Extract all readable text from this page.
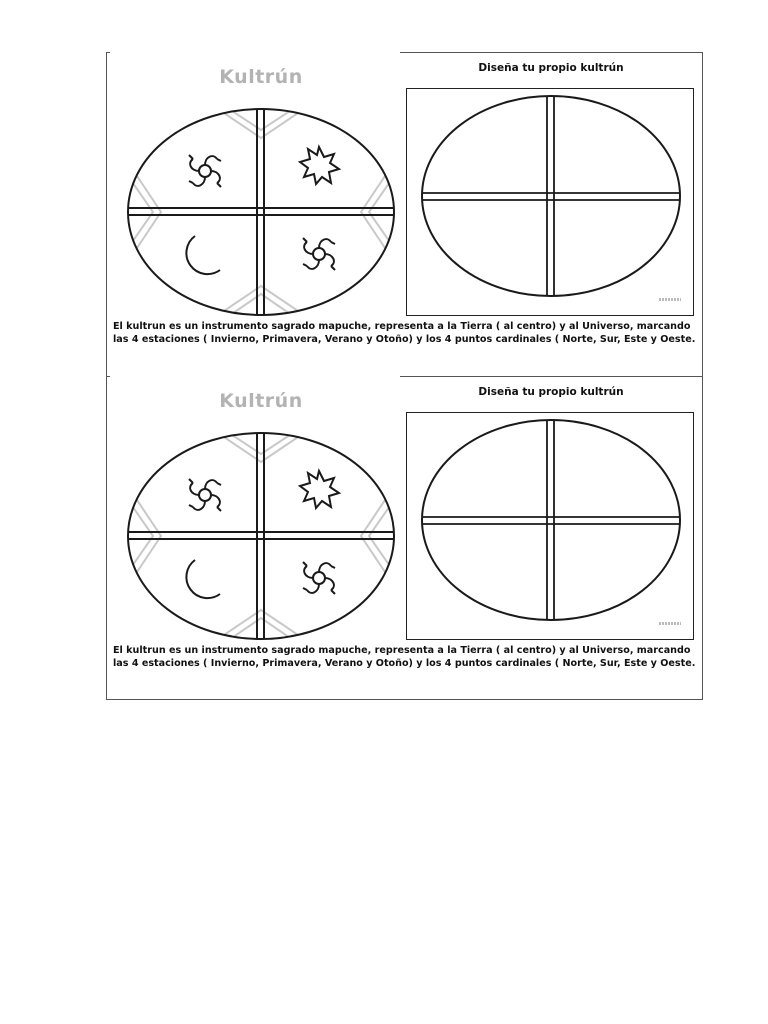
Kultrún	Diseña tu propio kultrún

El kultrun es un instrumento sagrado mapuche, representa a la Tierra ( al centro) y al Universo, marcando las 4 estaciones ( Invierno, Primavera, Verano y Otoño) y los 4 puntos cardinales ( Norte, Sur, Este y Oeste.

Kultrún	Diseña tu propio kultrún

El kultrun es un instrumento sagrado mapuche, representa a la Tierra ( al centro) y al Universo, marcando las 4 estaciones ( Invierno, Primavera, Verano y Otoño) y los 4 puntos cardinales ( Norte, Sur, Este y Oeste.
